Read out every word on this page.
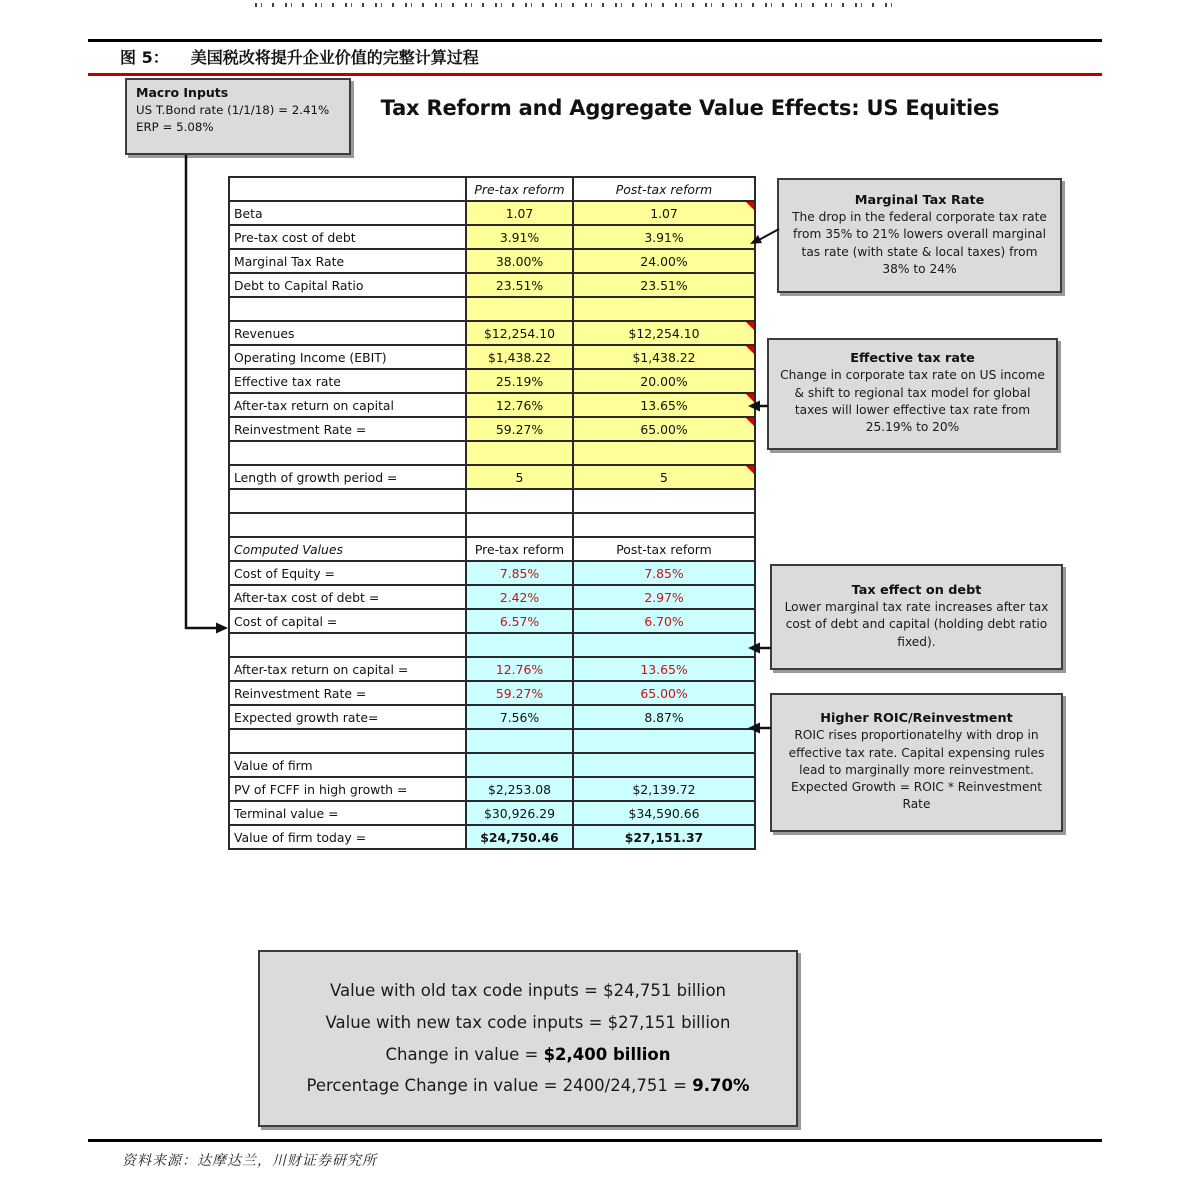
图 5： 美国税改将提升企业价值的完整计算过程
Macro Inputs
US T.Bond rate (1/1/18) = 2.41%
ERP = 5.08%
Tax Reform and Aggregate Value Effects: US Equities
	Pre-tax reform	Post-tax reform
Beta	1.07	1.07
Pre-tax cost of debt	3.91%	3.91%
Marginal Tax Rate	38.00%	24.00%
Debt to Capital Ratio	23.51%	23.51%

Revenues	$12,254.10	$12,254.10
Operating Income (EBIT)	$1,438.22	$1,438.22
Effective tax rate	25.19%	20.00%
After-tax return on capital	12.76%	13.65%
Reinvestment Rate =	59.27%	65.00%

Length of growth period =	5	5

Computed Values	Pre-tax reform	Post-tax reform
Cost of Equity =	7.85%	7.85%
After-tax cost of debt =	2.42%	2.97%
Cost of capital =	6.57%	6.70%

After-tax return on capital =	12.76%	13.65%
Reinvestment Rate =	59.27%	65.00%
Expected growth rate=	7.56%	8.87%

Value of firm		
PV of FCFF in high growth =	$2,253.08	$2,139.72
Terminal value =	$30,926.29	$34,590.66
Value of firm today =	$24,750.46	$27,151.37
Marginal Tax Rate
The drop in the federal corporate tax rate from 35% to 21% lowers overall marginal tas rate (with state & local taxes) from 38% to 24%
Effective tax rate
Change in corporate tax rate on US income & shift to regional tax model for global taxes will lower effective tax rate from 25.19% to 20%
Tax effect on debt
Lower marginal tax rate increases after tax cost of debt and capital (holding debt ratio fixed).
Higher ROIC/Reinvestment
ROIC rises proportionatelhy with drop in effective tax rate. Capital expensing rules lead to marginally more reinvestment. Expected Growth = ROIC * Reinvestment Rate
Value with old tax code inputs = $24,751 billion
Value with new tax code inputs = $27,151 billion
Change in value = $2,400 billion
Percentage Change in value = 2400/24,751 = 9.70%
资料来源：达摩达兰，川财证券研究所
